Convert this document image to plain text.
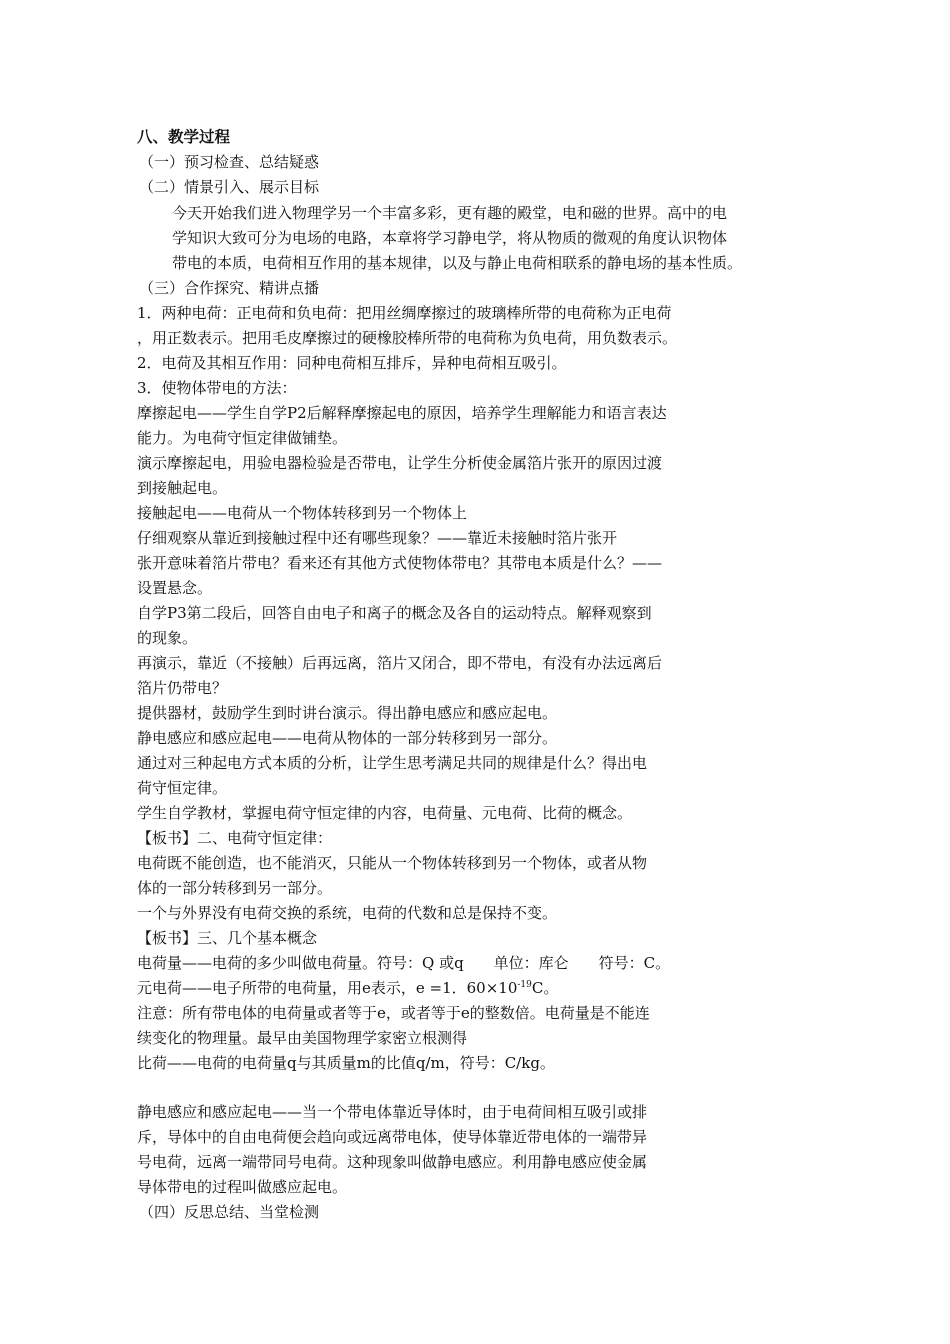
八、教学过程
（一）预习检查、总结疑惑
（二）情景引入、展示目标
今天开始我们进入物理学另一个丰富多彩，更有趣的殿堂，电和磁的世界。高中的电
学知识大致可分为电场的电路，本章将学习静电学，将从物质的微观的角度认识物体
带电的本质，电荷相互作用的基本规律，以及与静止电荷相联系的静电场的基本性质。
（三）合作探究、精讲点播
1．两种电荷：正电荷和负电荷：把用丝绸摩擦过的玻璃棒所带的电荷称为正电荷
，用正数表示。把用毛皮摩擦过的硬橡胶棒所带的电荷称为负电荷，用负数表示。
2．电荷及其相互作用：同种电荷相互排斥，异种电荷相互吸引。
3．使物体带电的方法：
摩擦起电——学生自学P2后解释摩擦起电的原因，培养学生理解能力和语言表达
能力。为电荷守恒定律做铺垫。
演示摩擦起电，用验电器检验是否带电，让学生分析使金属箔片张开的原因过渡
到接触起电。
接触起电——电荷从一个物体转移到另一个物体上
仔细观察从靠近到接触过程中还有哪些现象？——靠近未接触时箔片张开
张开意味着箔片带电？看来还有其他方式使物体带电？其带电本质是什么？——
设置悬念。
自学P3第二段后，回答自由电子和离子的概念及各自的运动特点。解释观察到
的现象。
再演示，靠近（不接触）后再远离，箔片又闭合，即不带电，有没有办法远离后
箔片仍带电？
提供器材，鼓励学生到时讲台演示。得出静电感应和感应起电。
静电感应和感应起电——电荷从物体的一部分转移到另一部分。
通过对三种起电方式本质的分析，让学生思考满足共同的规律是什么？得出电
荷守恒定律。
学生自学教材，掌握电荷守恒定律的内容，电荷量、元电荷、比荷的概念。
【板书】二、电荷守恒定律：
电荷既不能创造，也不能消灭，只能从一个物体转移到另一个物体，或者从物
体的一部分转移到另一部分。
一个与外界没有电荷交换的系统，电荷的代数和总是保持不变。
【板书】三、几个基本概念
电荷量——电荷的多少叫做电荷量。符号：Q 或q　　单位：库仑　　符号：C。
元电荷——电子所带的电荷量，用e表示，e =1．$60\times 10^{-19}C$。
注意：所有带电体的电荷量或者等于e，或者等于e的整数倍。电荷量是不能连
续变化的物理量。最早由美国物理学家密立根测得
比荷——电荷的电荷量q与其质量m的比值q/m，符号：C/kg。
静电感应和感应起电——当一个带电体靠近导体时，由于电荷间相互吸引或排
斥，导体中的自由电荷便会趋向或远离带电体，使导体靠近带电体的一端带异
号电荷，远离一端带同号电荷。这种现象叫做静电感应。利用静电感应使金属
导体带电的过程叫做感应起电。
（四）反思总结、当堂检测
